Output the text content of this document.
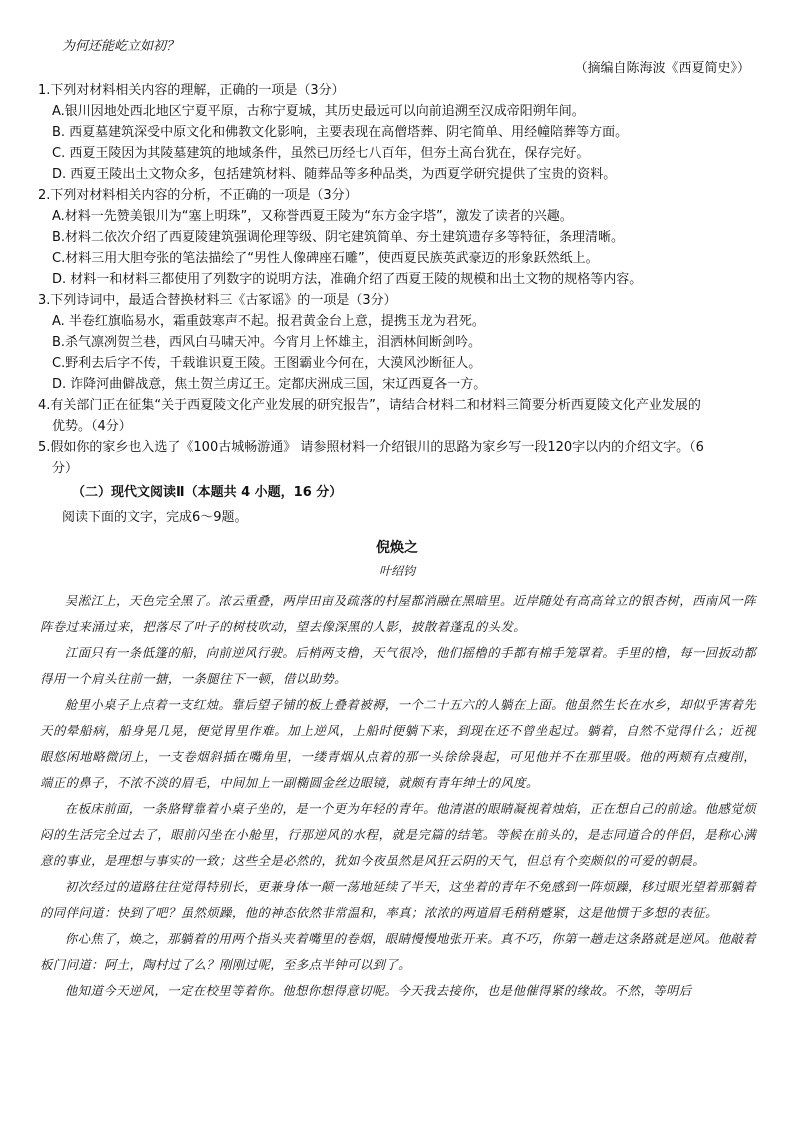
为何还能屹立如初？
（摘编自陈海波《西夏简史》）
1.下列对材料相关内容的理解，正确的一项是（3分）
A.银川因地处西北地区宁夏平原，古称宁夏城，其历史最远可以向前追溯至汉成帝阳朔年间。
B. 西夏墓建筑深受中原文化和佛教文化影响，主要表现在高僧塔葬、阴宅简单、用经幢陪葬等方面。
C. 西夏王陵因为其陵墓建筑的地域条件，虽然已历经七八百年，但夯土高台犹在，保存完好。
D. 西夏王陵出土文物众多，包括建筑材料、随葬品等多种品类，为西夏学研究提供了宝贵的资料。
2.下列对材料相关内容的分析，不正确的一项是（3分）
A.材料一先赞美银川为“塞上明珠”，又称誉西夏王陵为“东方金字塔”，激发了读者的兴趣。
B.材料二依次介绍了西夏陵建筑强调伦理等级、阴宅建筑简单、夯土建筑遗存多等特征，条理清晰。
C.材料三用大胆夸张的笔法描绘了“男性人像碑座石雕”，使西夏民族英武豪迈的形象跃然纸上。
D. 材料一和材料三都使用了列数字的说明方法，准确介绍了西夏王陵的规模和出土文物的规格等内容。
3.下列诗词中，最适合替换材料三《古冢谣》的一项是（3分）
A. 半卷红旗临易水，霜重鼓寒声不起。报君黄金台上意，提携玉龙为君死。
B.杀气凛冽贺兰巷，西风白马啸天冲。今宵月上怀雄主，泪洒林间断剑吟。
C.野利去后字不传，千载谁识夏王陵。王图霸业今何在，大漠风沙断征人。
D. 诈降河曲僻战意，焦土贺兰虏辽王。定都庆洲成三国，宋辽西夏各一方。
4.有关部门正在征集“关于西夏陵文化产业发展的研究报告”，请结合材料二和材料三简要分析西夏陵文化产业发展的
优势。（4分）
5.假如你的家乡也入选了《100古城畅游通》 请参照材料一介绍银川的思路为家乡写一段120字以内的介绍文字。（6
分）
（二）现代文阅读Ⅱ（本题共 4 小题，16 分）
阅读下面的文字，完成6～9题。
倪焕之
叶绍钧

吴淞江上，天色完全黑了。浓云重叠，两岸田亩及疏落的村屋都消融在黑暗里。近岸随处有高高耸立的银杏树，西南风一阵阵卷过来涌过来，把落尽了叶子的树枝吹动，望去像深黑的人影，披散着蓬乱的头发。

江面只有一条低篷的船，向前逆风行驶。后梢两支橹，天气很冷，他们摇橹的手都有棉手笼罩着。手里的橹，每一回扳动都得用一个肩头往前一搪，一条腿往下一顿，借以助势。

舱里小桌子上点着一支红烛。靠后望子铺的板上叠着被褥，一个二十五六的人躺在上面。他虽然生长在水乡，却似乎害着先天的晕船病，船身晃几晃，便觉胃里作难。加上逆风，上船时便躺下来，到现在还不曾坐起过。躺着，自然不觉得什么；近视眼悠闲地略微闭上，一支卷烟斜插在嘴角里，一缕青烟从点着的那一头徐徐袅起，可见他并不在那里吸。他的两颊有点瘦削，端正的鼻子，不浓不淡的眉毛，中间加上一副椭圆金丝边眼镜，就颇有青年绅士的风度。

在板床前面，一条胳臂靠着小桌子坐的，是一个更为年轻的青年。他清湛的眼睛凝视着烛焰，正在想自己的前途。他感觉烦闷的生活完全过去了，眼前闪坐在小舱里，行那逆风的水程，就是完篇的结笔。等候在前头的，是志同道合的伴侣，是称心满意的事业，是理想与事实的一致；这些全是必然的，犹如今夜虽然是风狂云阴的天气，但总有个奕颇似的可爱的朝晨。

初次经过的道路往往觉得特别长，更兼身体一颠一荡地延续了半天，这坐着的青年不免感到一阵烦躁，移过眼光望着那躺着的同伴问道：快到了吧？虽然烦躁，他的神态依然非常温和，率真；浓浓的两道眉毛稍稍蹙紧，这是他惯于多想的表征。

你心焦了，焕之，那躺着的用两个指头夹着嘴里的卷烟，眼睛慢慢地张开来。真不巧，你第一趟走这条路就是逆风。他敲着板门问道：阿土，陶村过了么？刚刚过呢，至多点半钟可以到了。

他知道今天逆风，一定在校里等着你。他想你想得意切呢。今天我去接你，也是他催得紧的缘故。不然，等明后
